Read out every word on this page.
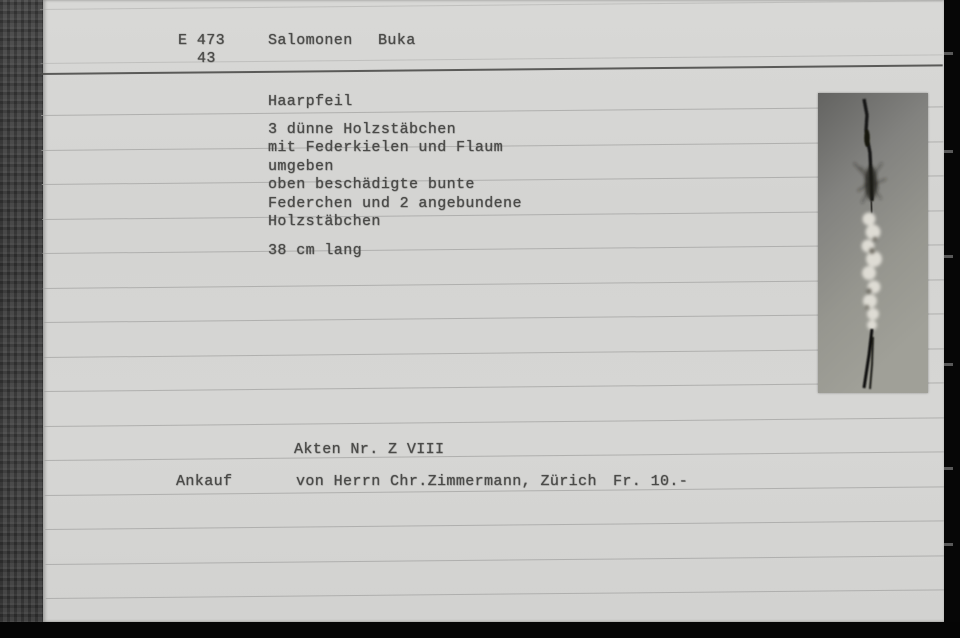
E 473
43
Salomonen Buka
Haarpfeil
3 dünne Holzstäbchen
mit Federkielen und Flaum
umgeben
oben beschädigte bunte
Federchen und 2 angebundene
Holzstäbchen
38 cm lang
Akten Nr. Z VIII
Ankauf	von Herrn Chr.Zimmermann, Zürich Fr. 10.-
